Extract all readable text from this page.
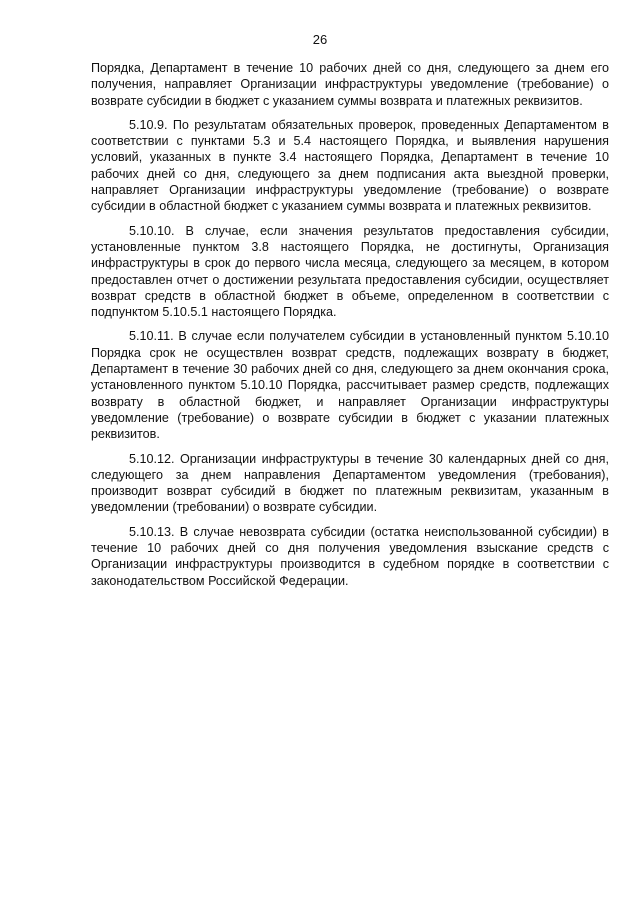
26

Порядка, Департамент в течение 10 рабочих дней со дня, следующего за днем его получения, направляет Организации инфраструктуры уведомление (требование) о возврате субсидии в бюджет с указанием суммы возврата и платежных реквизитов.

5.10.9. По результатам обязательных проверок, проведенных Департаментом в соответствии с пунктами 5.3 и 5.4 настоящего Порядка, и выявления нарушения условий, указанных в пункте 3.4 настоящего Порядка, Департамент в течение 10 рабочих дней со дня, следующего за днем подписания акта выездной проверки, направляет Организации инфраструктуры уведомление (требование) о возврате субсидии в областной бюджет с указанием суммы возврата и платежных реквизитов.

5.10.10. В случае, если значения результатов предоставления субсидии, установленные пунктом 3.8 настоящего Порядка, не достигнуты, Организация инфраструктуры в срок до первого числа месяца, следующего за месяцем, в котором предоставлен отчет о достижении результата предоставления субсидии, осуществляет возврат средств в областной бюджет в объеме, определенном в соответствии с подпунктом 5.10.5.1 настоящего Порядка.

5.10.11. В случае если получателем субсидии в установленный пунктом 5.10.10 Порядка срок не осуществлен возврат средств, подлежащих возврату в бюджет, Департамент в течение 30 рабочих дней со дня, следующего за днем окончания срока, установленного пунктом 5.10.10 Порядка, рассчитывает размер средств, подлежащих возврату в областной бюджет, и направляет Организации инфраструктуры уведомление (требование) о возврате субсидии в бюджет с указании платежных реквизитов.

5.10.12. Организации инфраструктуры в течение 30 календарных дней со дня, следующего за днем направления Департаментом уведомления (требования), производит возврат субсидий в бюджет по платежным реквизитам, указанным в уведомлении (требовании) о возврате субсидии.

5.10.13. В случае невозврата субсидии (остатка неиспользованной субсидии) в течение 10 рабочих дней со дня получения уведомления взыскание средств с Организации инфраструктуры производится в судебном порядке в соответствии с законодательством Российской Федерации.
